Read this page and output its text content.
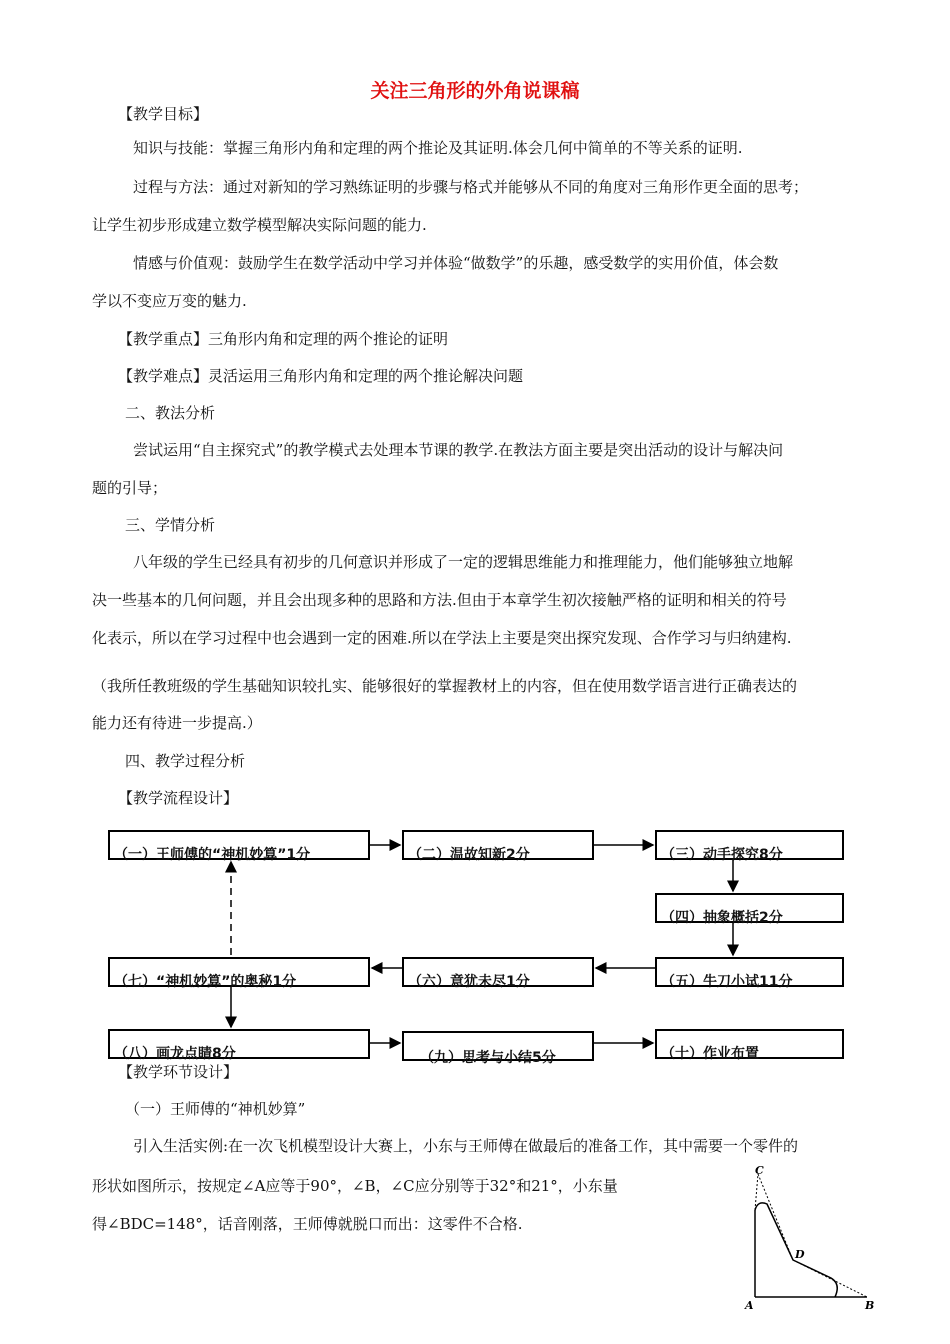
关注三角形的外角说课稿
【教学目标】
知识与技能：掌握三角形内角和定理的两个推论及其证明.体会几何中简单的不等关系的证明.
过程与方法：通过对新知的学习熟练证明的步骤与格式并能够从不同的角度对三角形作更全面的思考；
让学生初步形成建立数学模型解决实际问题的能力.
情感与价值观：鼓励学生在数学活动中学习并体验“做数学”的乐趣，感受数学的实用价值，体会数
学以不变应万变的魅力.
【教学重点】三角形内角和定理的两个推论的证明
【教学难点】灵活运用三角形内角和定理的两个推论解决问题
二、教法分析
尝试运用“自主探究式”的教学模式去处理本节课的教学.在教法方面主要是突出活动的设计与解决问
题的引导；
三、学情分析
八年级的学生已经具有初步的几何意识并形成了一定的逻辑思维能力和推理能力，他们能够独立地解
决一些基本的几何问题，并且会出现多种的思路和方法.但由于本章学生初次接触严格的证明和相关的符号
化表示，所以在学习过程中也会遇到一定的困难.所以在学法上主要是突出探究发现、合作学习与归纳建构.
（我所任教班级的学生基础知识较扎实、能够很好的掌握教材上的内容，但在使用数学语言进行正确表达的
能力还有待进一步提高.）
四、教学过程分析
【教学流程设计】
（一）王师傅的“神机妙算”1分	（二）温故知新2分	（三）动手探究8分
（四）抽象概括2分
（五）牛刀小试11分
（六）意犹未尽1分
（七）“神机妙算”的奥秘1分
（八）画龙点睛8分	（九）思考与小结5分	（十）作业布置
【教学环节设计】
（一）王师傅的“神机妙算”
引入生活实例:在一次飞机模型设计大赛上，小东与王师傅在做最后的准备工作，其中需要一个零件的
形状如图所示，按规定∠A应等于90°，∠B，∠C应分别等于32°和21°，小东量
得∠BDC=148°，话音刚落，王师傅就脱口而出：这零件不合格.
C
D
A	B
